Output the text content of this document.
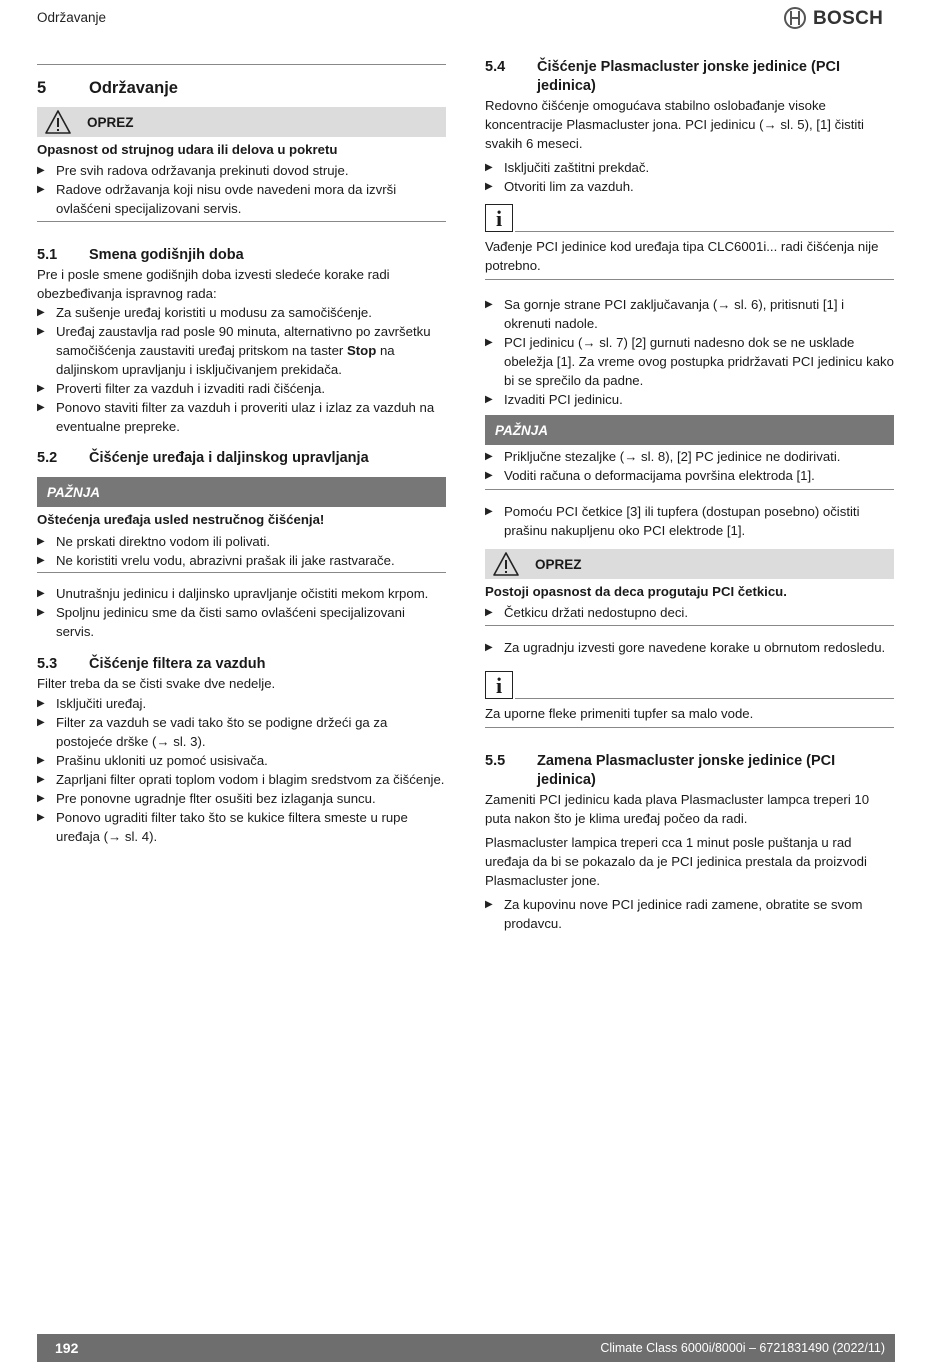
Održavanje	BOSCH
5	Održavanje
OPREZ

Opasnost od strujnog udara ili delova u pokretu

▶ Pre svih radova održavanja prekinuti dovod struje.
▶ Radove održavanja koji nisu ovde navedeni mora da izvrši ovlašćeni specijalizovani servis.
5.1	Smena godišnjih doba

Pre i posle smene godišnjih doba izvesti sledeće korake radi obezbeđivanja ispravnog rada:

▶ Za sušenje uređaj koristiti u modusu za samočišćenje.
▶ Uređaj zaustavlja rad posle 90 minuta, alternativno po završetku samočišćenja zaustaviti uređaj pritskom na taster Stop na daljinskom upravljanju i isključivanjem prekidača.
▶ Proverti filter za vazduh i izvaditi radi čišćenja.
▶ Ponovo staviti filter za vazduh i proveriti ulaz i izlaz za vazduh na eventualne prepreke.
5.2	Čišćenje uređaja i daljinskog upravljanja
PAŽNJA

Oštećenja uređaja usled nestručnog čišćenja!

▶ Ne prskati direktno vodom ili polivati.
▶ Ne koristiti vrelu vodu, abrazivni prašak ili jake rastvarače.
▶ Unutrašnju jedinicu i daljinsko upravljanje očistiti mekom krpom.
▶ Spoljnu jedinicu sme da čisti samo ovlašćeni specijalizovani servis.
5.3	Čišćenje filtera za vazduh

Filter treba da se čisti svake dve nedelje.

▶ Isključiti uređaj.
▶ Filter za vazduh se vadi tako što se podigne držeći ga za postojeće drške (→ sl. 3).
▶ Prašinu ukloniti uz pomoć usisivača.
▶ Zaprljani filter oprati toplom vodom i blagim sredstvom za čišćenje.
▶ Pre ponovne ugradnje flter osušiti bez izlaganja suncu.
▶ Ponovo ugraditi filter tako što se kukice filtera smeste u rupe uređaja (→ sl. 4).
5.4	Čišćenje Plasmacluster jonske jedinice (PCI jedinica)

Redovno čišćenje omogućava stabilno oslobađanje visoke koncentracije Plasmacluster jona. PCI jedinicu (→ sl. 5), [1] čistiti svakih 6 meseci.

▶ Isključiti zaštitni prekdač.
▶ Otvoriti lim za vazduh.
i

Vađenje PCI jedinice kod uređaja tipa CLC6001i... radi čišćenja nije potrebno.

▶ Sa gornje strane PCI zaključavanja (→ sl. 6), pritisnuti [1] i okrenuti nadole.
▶ PCI jedinicu (→ sl. 7) [2] gurnuti nadesno dok se ne usklade obeležja [1]. Za vreme ovog postupka pridržavati PCI jedinicu kako bi se sprečilo da padne.
▶ Izvaditi PCI jedinicu.
PAŽNJA
▶ Priključne stezaljke (→ sl. 8), [2] PC jedinice ne dodirivati.
▶ Voditi računa o deformacijama površina elektroda [1].
▶ Pomoću PCI četkice [3] ili tupfera (dostupan posebno) očistiti prašinu nakupljenu oko PCI elektrode [1].
OPREZ

Postoji opasnost da deca progutaju PCI četkicu.

▶ Četkicu držati nedostupno deci.
▶ Za ugradnju izvesti gore navedene korake u obrnutom redosledu.
i

Za uporne fleke primeniti tupfer sa malo vode.

5.5	Zamena Plasmacluster jonske jedinice (PCI jedinica)

Zameniti PCI jedinicu kada plava Plasmacluster lampca treperi 10 puta nakon što je klima uređaj počeo da radi.

Plasmacluster lampica treperi cca 1 minut posle puštanja u rad uređaja da bi se pokazalo da je PCI jedinica prestala da proizvodi Plasmacluster jone.

▶ Za kupovinu nove PCI jedinice radi zamene, obratite se svom prodavcu.
192	Climate Class 6000i/8000i – 6721831490 (2022/11)
